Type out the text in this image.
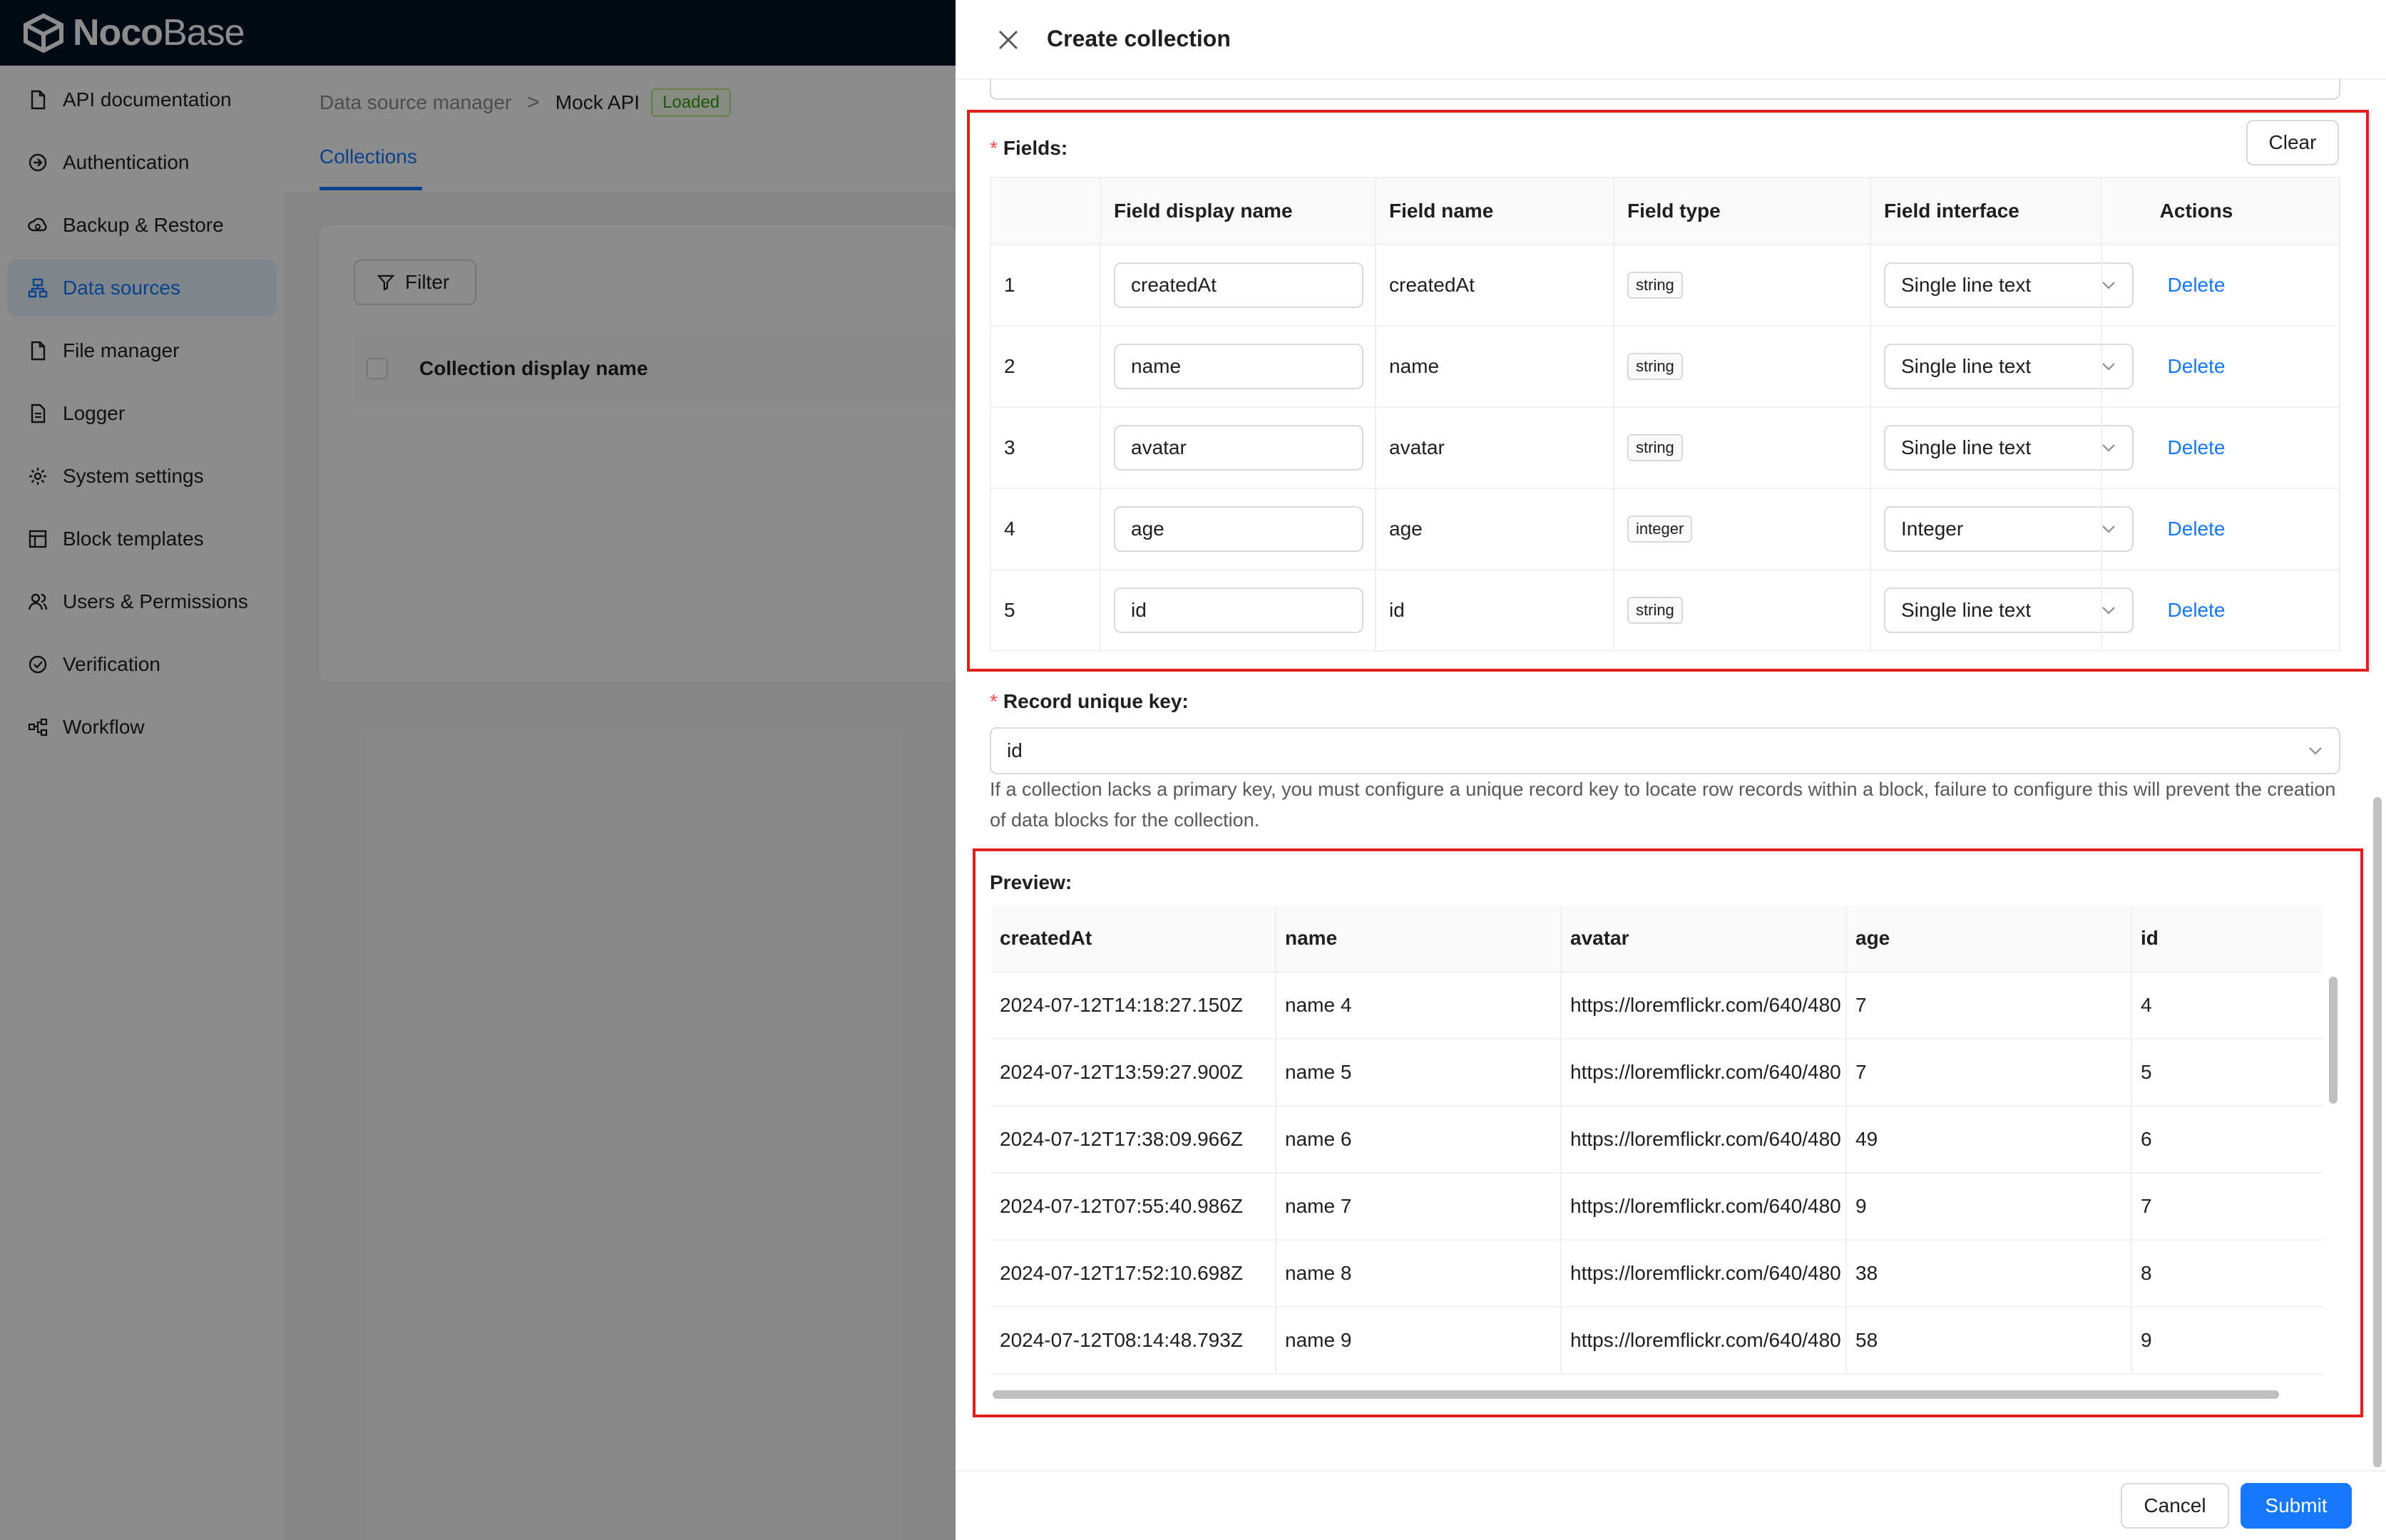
NocoBase
API documentation
Authentication
Backup & Restore
Data sources
File manager
Logger
System settings
Block templates
Users & Permissions
Verification
Workflow
Data source manager > Mock API	Loaded
Collections
Filter
Collection display name
Create collection
* Fields:	Clear
Field display name	Field name	Field type	Field interface	Actions
1	createdAt	createdAt	string	Single line text	Delete
2	name	name	string	Single line text	Delete
3	avatar	avatar	string	Single line text	Delete
4	age	age	integer	Integer	Delete
5	id	id	string	Single line text	Delete
* Record unique key:
id
If a collection lacks a primary key, you must configure a unique record key to locate row records within a block, failure to configure this will prevent the creation of data blocks for the collection.
Preview:
createdAt	name	avatar	age	id
2024-07-12T14:18:27.150Z	name 4	https://loremflickr.com/640/480 7	4
2024-07-12T13:59:27.900Z	name 5	https://loremflickr.com/640/480 7	5
2024-07-12T17:38:09.966Z	name 6	https://loremflickr.com/640/480 49	6
2024-07-12T07:55:40.986Z	name 7	https://loremflickr.com/640/480 9	7
2024-07-12T17:52:10.698Z	name 8	https://loremflickr.com/640/480 38	8
2024-07-12T08:14:48.793Z	name 9	https://loremflickr.com/640/480 58	9
Cancel	Submit
